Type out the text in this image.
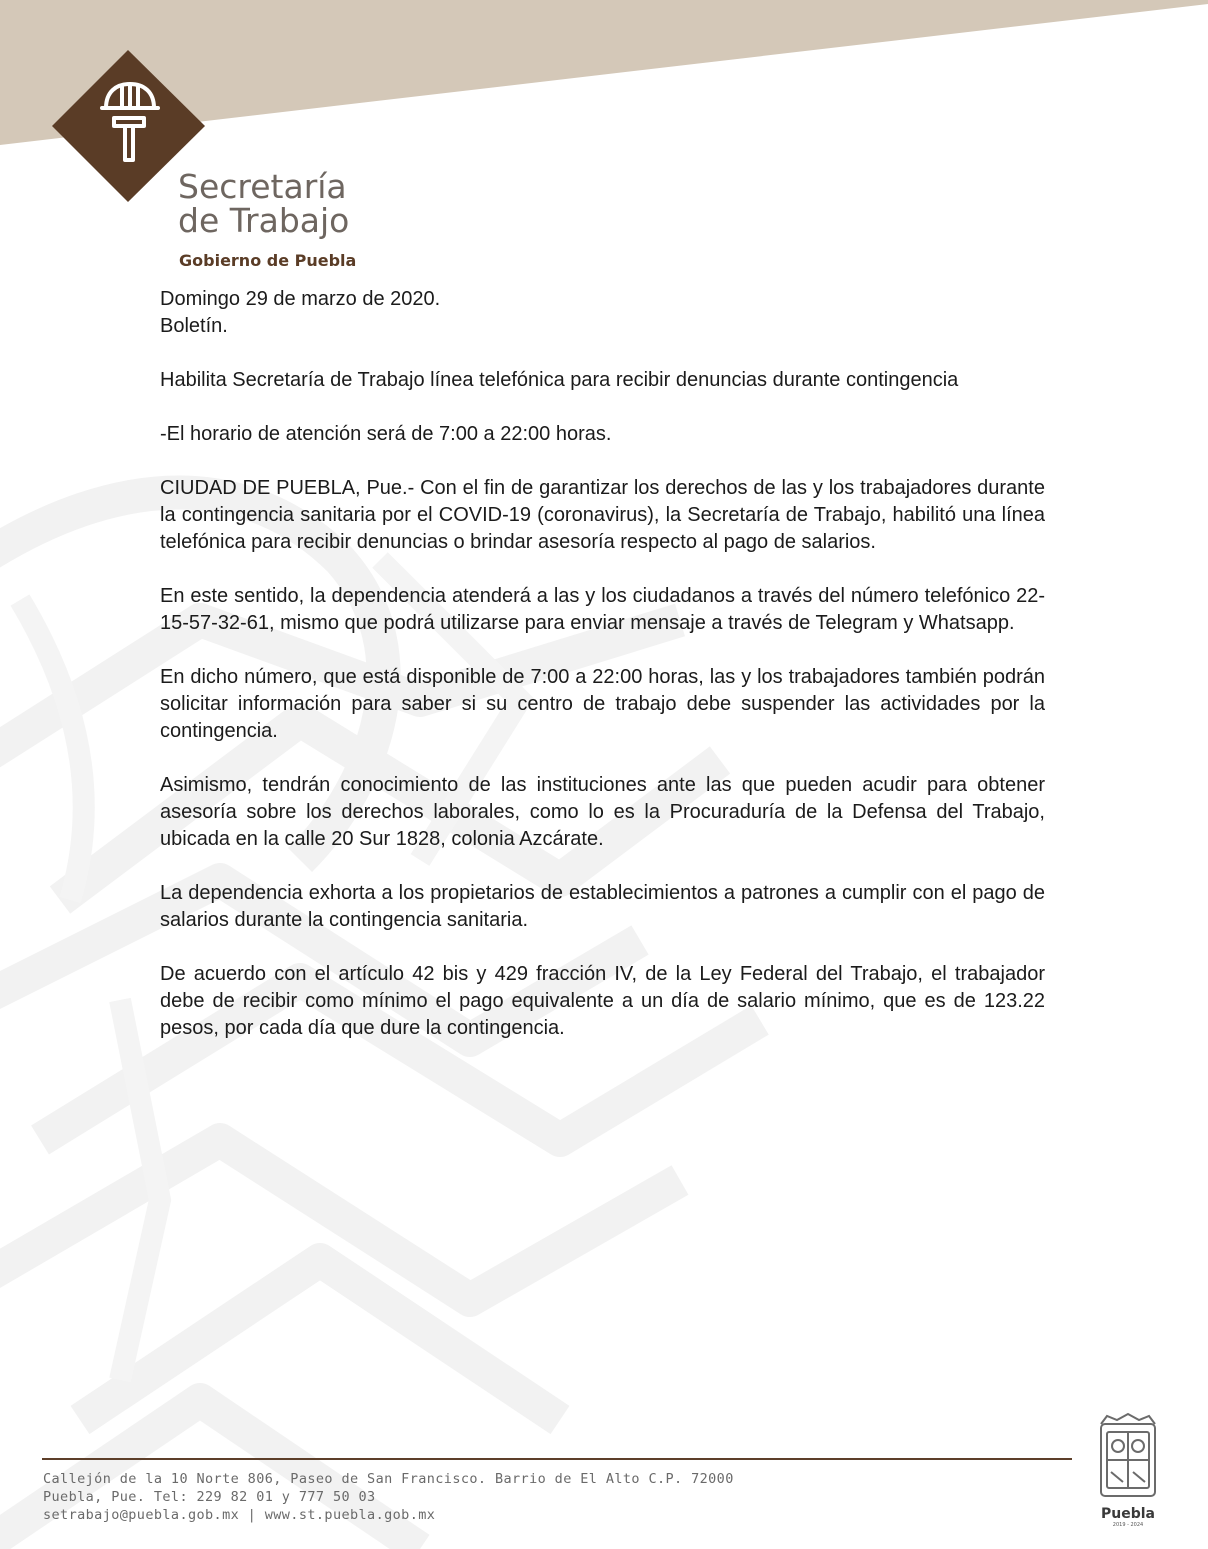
Secretaría
de Trabajo
Gobierno de Puebla

Domingo 29 de marzo de 2020.

Boletín.

Habilita Secretaría de Trabajo línea telefónica para recibir denuncias durante contingencia

-El horario de atención será de 7:00 a 22:00 horas.

CIUDAD DE PUEBLA, Pue.- Con el fin de garantizar los derechos de las y los trabajadores durante la contingencia sanitaria por el COVID-19 (coronavirus), la Secretaría de Trabajo, habilitó una línea telefónica para recibir denuncias o brindar asesoría respecto al pago de salarios.

En este sentido, la dependencia atenderá a las y los ciudadanos a través del número telefónico 22-15-57-32-61, mismo que podrá utilizarse para enviar mensaje a través de Telegram y Whatsapp.

En dicho número, que está disponible de 7:00 a 22:00 horas, las y los trabajadores también podrán solicitar información para saber si su centro de trabajo debe suspender las actividades por la contingencia.

Asimismo, tendrán conocimiento de las instituciones ante las que pueden acudir para obtener asesoría sobre los derechos laborales, como lo es la Procuraduría de la Defensa del Trabajo, ubicada en la calle 20 Sur 1828, colonia Azcárate.

La dependencia exhorta a los propietarios de establecimientos a patrones a cumplir con el pago de salarios durante la contingencia sanitaria.

De acuerdo con el artículo 42 bis y 429 fracción IV, de la Ley Federal del Trabajo, el trabajador debe de recibir como mínimo el pago equivalente a un día de salario mínimo, que es de 123.22 pesos, por cada día que dure la contingencia.

Callejón de la 10 Norte 806, Paseo de San Francisco. Barrio de El Alto C.P. 72000
Puebla, Pue. Tel: 229 82 01 y 777 50 03
setrabajo@puebla.gob.mx | www.st.puebla.gob.mx	Puebla
2019 - 2024
